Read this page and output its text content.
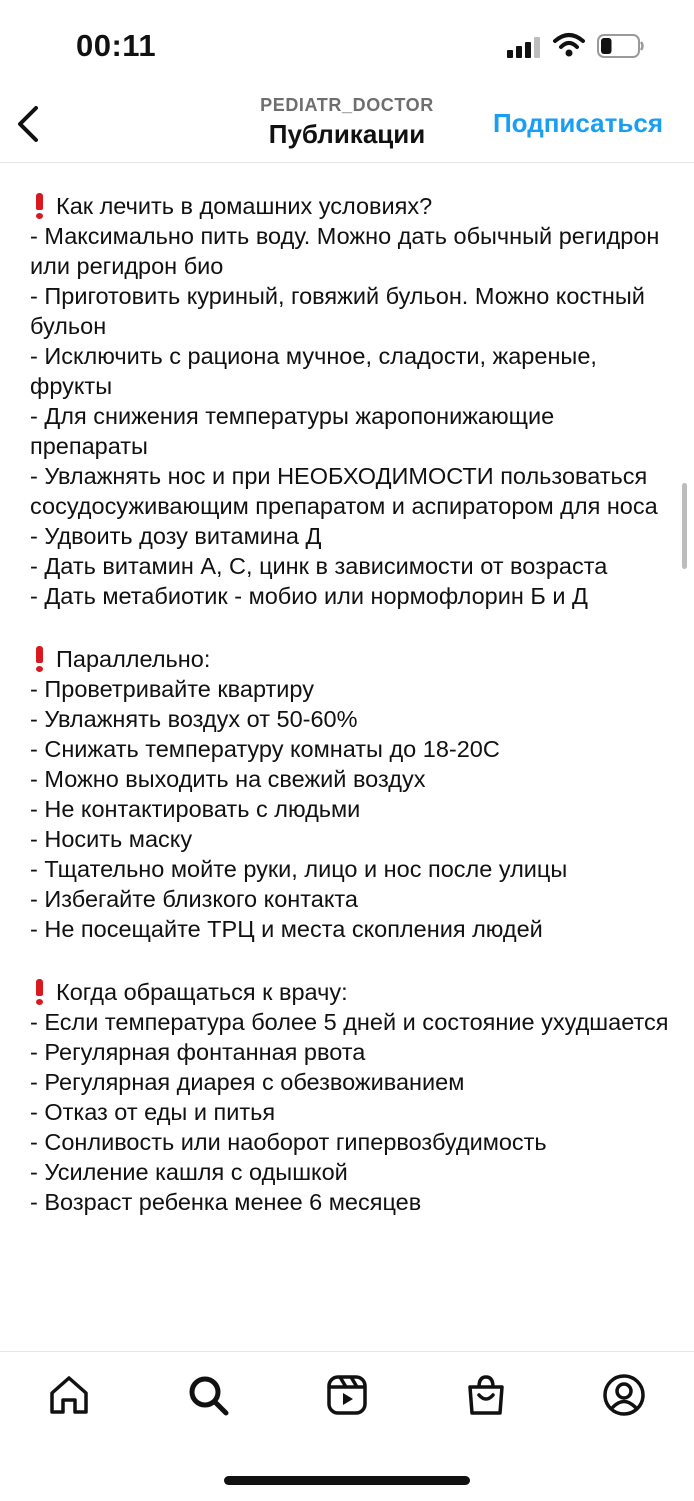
00:11
PEDIATR_DOCTOR
Публикации	Подписаться
Как лечить в домашних условиях?

- Максимально пить воду. Можно дать обычный регидрон или регидрон био

- Приготовить куриный, говяжий бульон. Можно костный бульон

- Исключить с рациона мучное, сладости, жареные, фрукты

- Для снижения температуры жаропонижающие препараты

- Увлажнять нос и при НЕОБХОДИМОСТИ пользоваться сосудосуживающим препаратом и аспиратором для носа

- Удвоить дозу витамина Д

- Дать витамин А, С, цинк в зависимости от возраста

- Дать метабиотик - мобио или нормофлорин Б и Д

Параллельно:

- Проветривайте квартиру

- Увлажнять воздух от 50-60%

- Снижать температуру комнаты до 18-20С

- Можно выходить на свежий воздух

- Не контактировать с людьми

- Носить маску

- Тщательно мойте руки, лицо и нос после улицы

- Избегайте близкого контакта

- Не посещайте ТРЦ и места скопления людей

Когда обращаться к врачу:

- Если температура более 5 дней и состояние ухудшается

- Регулярная фонтанная рвота

- Регулярная диарея с обезвоживанием

- Отказ от еды и питья

- Сонливость или наоборот гипервозбудимость

- Усиление кашля с одышкой

- Возраст ребенка менее 6 месяцев
